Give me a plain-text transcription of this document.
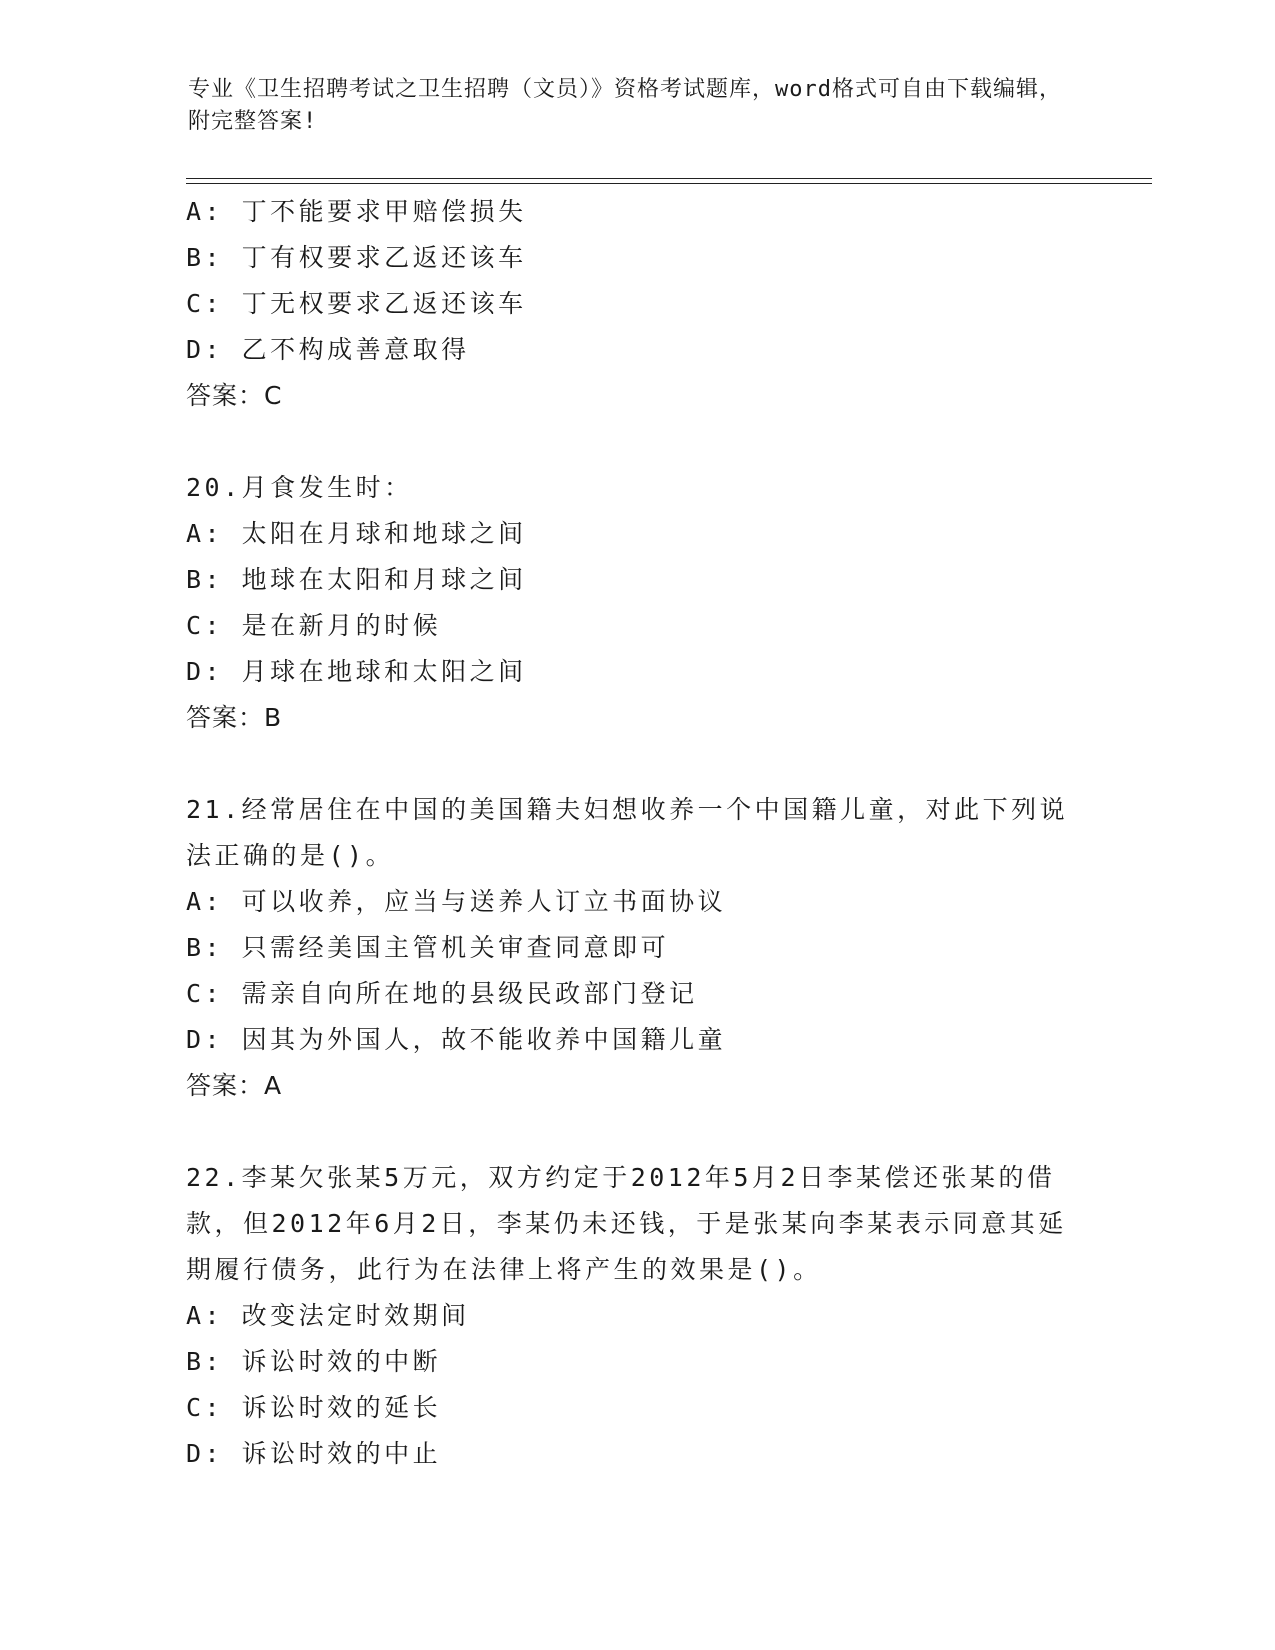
专业《卫生招聘考试之卫生招聘（文员）》资格考试题库，word格式可自由下载编辑，附完整答案!
A: 丁不能要求甲赔偿损失
B: 丁有权要求乙返还该车
C: 丁无权要求乙返还该车
D: 乙不构成善意取得
答案：C
20.月食发生时：
A: 太阳在月球和地球之间
B: 地球在太阳和月球之间
C: 是在新月的时候
D: 月球在地球和太阳之间
答案：B
21.经常居住在中国的美国籍夫妇想收养一个中国籍儿童，对此下列说法正确的是()。
A: 可以收养，应当与送养人订立书面协议
B: 只需经美国主管机关审查同意即可
C: 需亲自向所在地的县级民政部门登记
D: 因其为外国人，故不能收养中国籍儿童
答案：A
22.李某欠张某5万元，双方约定于2012年5月2日李某偿还张某的借款，但2012年6月2日，李某仍未还钱，于是张某向李某表示同意其延期履行债务，此行为在法律上将产生的效果是()。
A: 改变法定时效期间
B: 诉讼时效的中断
C: 诉讼时效的延长
D: 诉讼时效的中止
